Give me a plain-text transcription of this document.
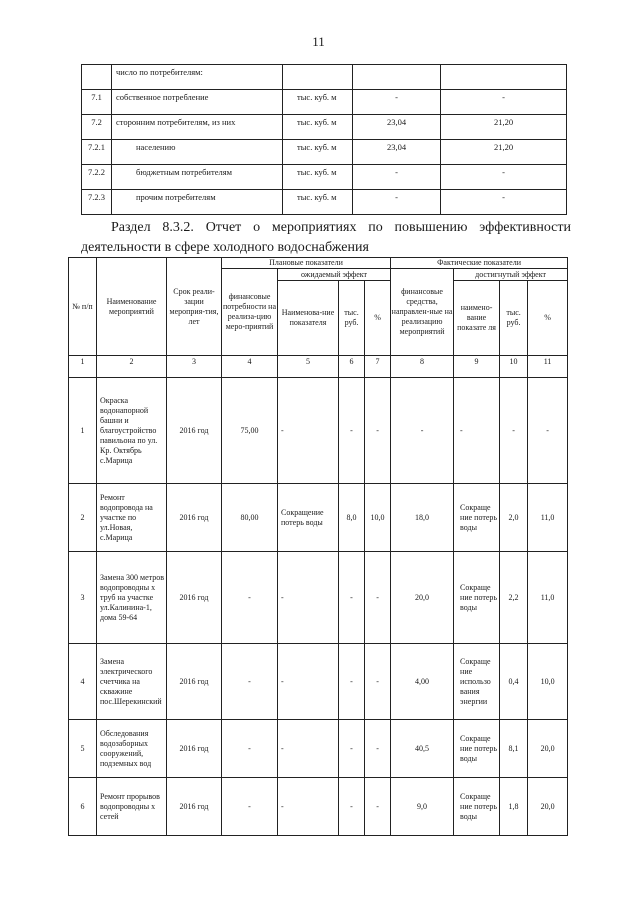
11
	число по потребителям:			
7.1	собственное потребление	тыс. куб. м	-	-
7.2	сторонним потребителям, из них	тыс. куб. м	23,04	21,20
7.2.1	населению	тыс. куб. м	23,04	21,20
7.2.2	бюджетным потребителям	тыс. куб. м	-	-
7.2.3	прочим потребителям	тыс. куб. м	-	-
Раздел 8.3.2. Отчет о мероприятиях по повышению эффективности
деятельности в сфере холодного водоснабжения
№ п/п	Наименование мероприятий	Срок реали-зации мероприя-тия, лет	Плановые показатели				Фактические показатели			
			финансовые потребности на реализа-цию меро-приятий	ожидаемый эффект			финансовые средства, направлен-ные на реализацию мероприятий	достигнутый эффект		
				Наименова-ние показателя	тыс. руб.	%		наимено-вание показате ля	тыс. руб.	%
1	2	3	4	5	6	7	8	9	10	11
1	Окраска водонапорной башни и благоустройство павильона по ул. Кр. Октябрь с.Марица	2016 год	75,00	-	-	-	-	-	-	-
2	Ремонт водопровода на участке по ул.Новая, с.Марица	2016 год	80,00	Сокращение потерь воды	8,0	10,0	18,0	Сокраще ние потерь воды	2,0	11,0
3	Замена 300 метров водопроводны х труб на участке ул.Калинина-1, дома 59-64	2016 год	-	-	-	-	20,0	Сокраще ние потерь воды	2,2	11,0
4	Замена электрического счетчика на скважине пос.Шерекинский	2016 год	-	-	-	-	4,00	Сокраще ние использо вания энергии	0,4	10,0
5	Обследования водозаборных сооружений, подземных вод	2016 год	-	-	-	-	40,5	Сокраще ние потерь воды	8,1	20,0
6	Ремонт прорывов водопроводны х сетей	2016 год	-	-	-	-	9,0	Сокраще ние потерь воды	1,8	20,0
